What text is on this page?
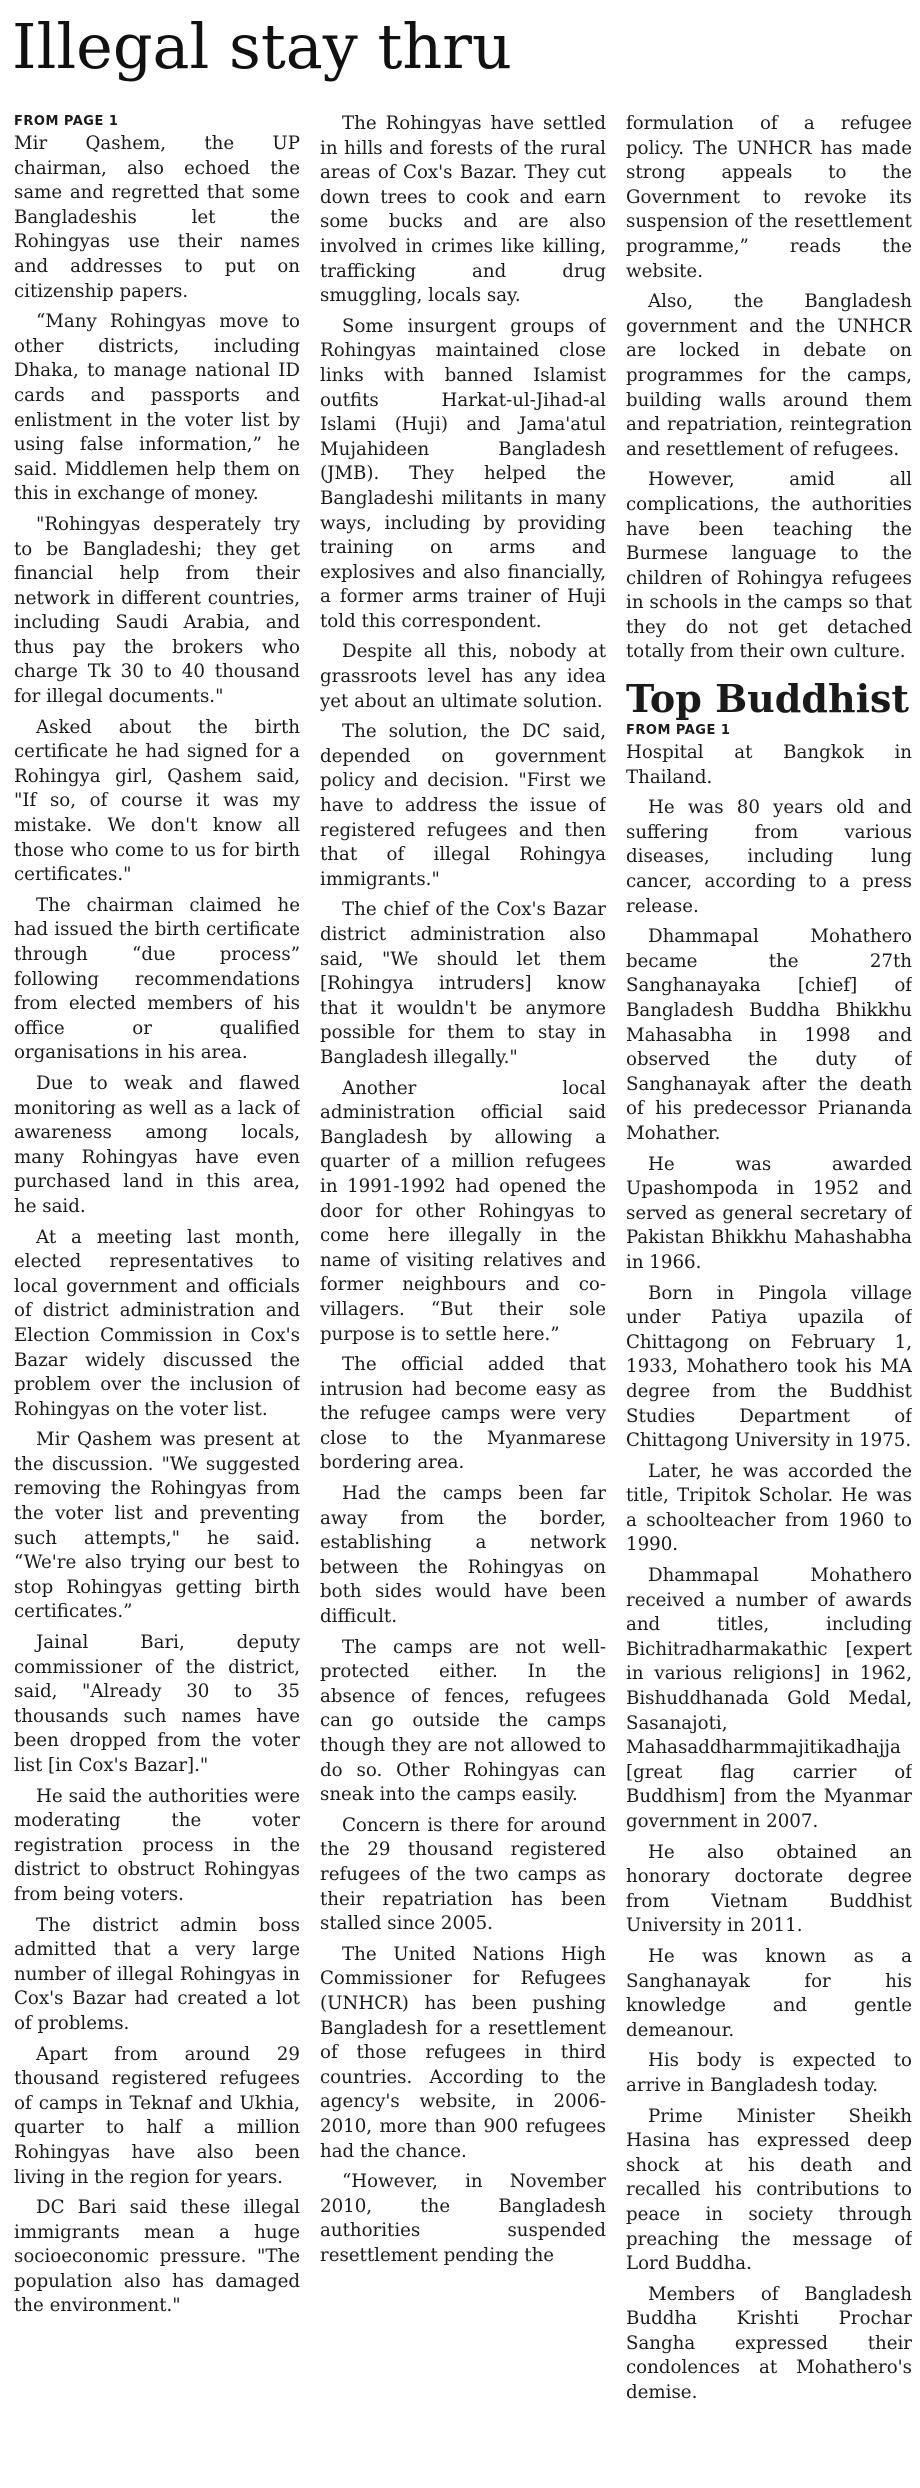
Illegal stay thru
FROM PAGE 1

Mir Qashem, the UP chairman, also echoed the same and regretted that some Bangladeshis let the Rohingyas use their names and addresses to put on citizenship papers.

“Many Rohingyas move to other districts, including Dhaka, to manage national ID cards and passports and enlistment in the voter list by using false information,” he said. Middlemen help them on this in exchange of money.

"Rohingyas desperately try to be Bangladeshi; they get financial help from their network in different countries, including Saudi Arabia, and thus pay the brokers who charge Tk 30 to 40 thousand for illegal documents."

Asked about the birth certificate he had signed for a Rohingya girl, Qashem said, "If so, of course it was my mistake. We don't know all those who come to us for birth certificates."

The chairman claimed he had issued the birth certificate through “due process” following recommendations from elected members of his office or qualified organisations in his area.

Due to weak and flawed monitoring as well as a lack of awareness among locals, many Rohingyas have even purchased land in this area, he said.

At a meeting last month, elected representatives to local government and officials of district administration and Election Commission in Cox's Bazar widely discussed the problem over the inclusion of Rohingyas on the voter list.

Mir Qashem was present at the discussion. "We suggested removing the Rohingyas from the voter list and preventing such attempts," he said. “We're also trying our best to stop Rohingyas getting birth certificates.”

Jainal Bari, deputy commissioner of the district, said, "Already 30 to 35 thousands such names have been dropped from the voter list [in Cox's Bazar]."

He said the authorities were moderating the voter registration process in the district to obstruct Rohingyas from being voters.

The district admin boss admitted that a very large number of illegal Rohingyas in Cox's Bazar had created a lot of problems.

Apart from around 29 thousand registered refugees of camps in Teknaf and Ukhia, quarter to half a million Rohingyas have also been living in the region for years.

DC Bari said these illegal immigrants mean a huge socioeconomic pressure. "The population also has damaged the environment."

The Rohingyas have settled in hills and forests of the rural areas of Cox's Bazar. They cut down trees to cook and earn some bucks and are also involved in crimes like killing, trafficking and drug smuggling, locals say.

Some insurgent groups of Rohingyas maintained close links with banned Islamist outfits Harkat-ul-Jihad-al Islami (Huji) and Jama'atul Mujahideen Bangladesh (JMB). They helped the Bangladeshi militants in many ways, including by providing training on arms and explosives and also financially, a former arms trainer of Huji told this correspondent.

Despite all this, nobody at grassroots level has any idea yet about an ultimate solution.

The solution, the DC said, depended on government policy and decision. "First we have to address the issue of registered refugees and then that of illegal Rohingya immigrants."

The chief of the Cox's Bazar district administration also said, "We should let them [Rohingya intruders] know that it wouldn't be anymore possible for them to stay in Bangladesh illegally."

Another local administration official said Bangladesh by allowing a quarter of a million refugees in 1991-1992 had opened the door for other Rohingyas to come here illegally in the name of visiting relatives and former neighbours and co-villagers. “But their sole purpose is to settle here.”

The official added that intrusion had become easy as the refugee camps were very close to the Myanmarese bordering area.

Had the camps been far away from the border, establishing a network between the Rohingyas on both sides would have been difficult.

The camps are not well-protected either. In the absence of fences, refugees can go outside the camps though they are not allowed to do so. Other Rohingyas can sneak into the camps easily.

Concern is there for around the 29 thousand registered refugees of the two camps as their repatriation has been stalled since 2005.

The United Nations High Commissioner for Refugees (UNHCR) has been pushing Bangladesh for a resettlement of those refugees in third countries. According to the agency's website, in 2006-2010, more than 900 refugees had the chance.

“However, in November 2010, the Bangladesh authorities suspended resettlement pending the

formulation of a refugee policy. The UNHCR has made strong appeals to the Government to revoke its suspension of the resettlement programme,” reads the website.

Also, the Bangladesh government and the UNHCR are locked in debate on programmes for the camps, building walls around them and repatriation, reintegration and resettlement of refugees.

However, amid all complications, the authorities have been teaching the Burmese language to the children of Rohingya refugees in schools in the camps so that they do not get detached totally from their own culture.

Top Buddhist
FROM PAGE 1

Hospital at Bangkok in Thailand.

He was 80 years old and suffering from various diseases, including lung cancer, according to a press release.

Dhammapal Mohathero became the 27th Sanghanayaka [chief] of Bangladesh Buddha Bhikkhu Mahasabha in 1998 and observed the duty of Sanghanayak after the death of his predecessor Priananda Mohather.

He was awarded Upashompoda in 1952 and served as general secretary of Pakistan Bhikkhu Mahashabha in 1966.

Born in Pingola village under Patiya upazila of Chittagong on February 1, 1933, Mohathero took his MA degree from the Buddhist Studies Department of Chittagong University in 1975.

Later, he was accorded the title, Tripitok Scholar. He was a schoolteacher from 1960 to 1990.

Dhammapal Mohathero received a number of awards and titles, including Bichitradharmakathic [expert in various religions] in 1962, Bishuddhanada Gold Medal, Sasanajoti, Mahasaddharmmajitikadhajja [great flag carrier of Buddhism] from the Myanmar government in 2007.

He also obtained an honorary doctorate degree from Vietnam Buddhist University in 2011.

He was known as a Sanghanayak for his knowledge and gentle demeanour.

His body is expected to arrive in Bangladesh today.

Prime Minister Sheikh Hasina has expressed deep shock at his death and recalled his contributions to peace in society through preaching the message of Lord Buddha.

Members of Bangladesh Buddha Krishti Prochar Sangha expressed their condolences at Mohathero's demise.
